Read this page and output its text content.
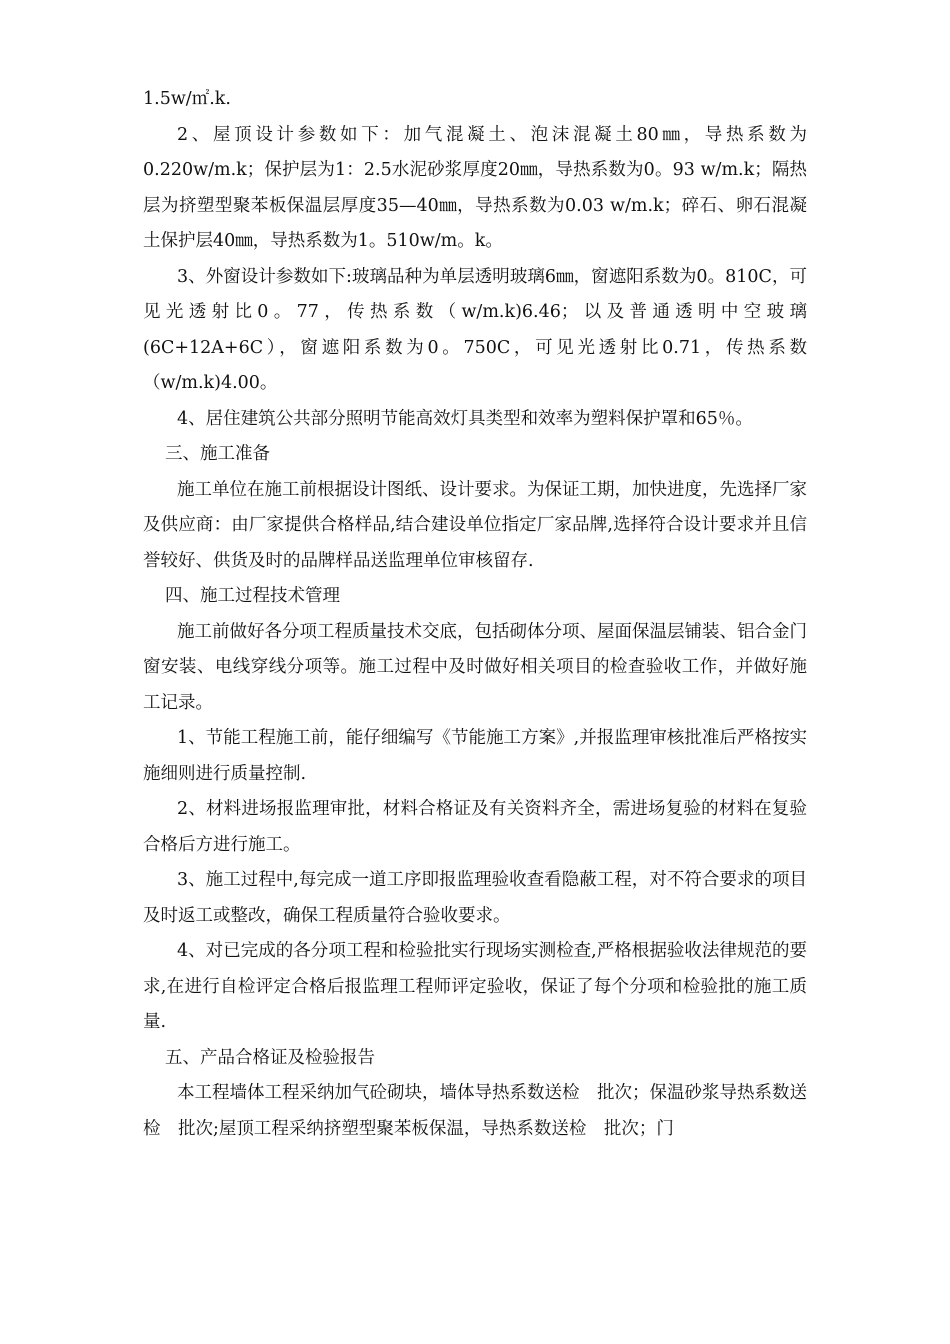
1.5w/㎡.k.

2、屋顶设计参数如下：加气混凝土、泡沫混凝土80㎜，导热系数为0.220w/m.k；保护层为1：2.5水泥砂浆厚度20㎜，导热系数为0。93 w/m.k；隔热层为挤塑型聚苯板保温层厚度35—40㎜，导热系数为0.03 w/m.k；碎石、卵石混凝土保护层40㎜，导热系数为1。510w/m。k。

3、外窗设计参数如下:玻璃品种为单层透明玻璃6㎜，窗遮阳系数为0。810C，可见光透射比0。77，传热系数（w/m.k)6.46；以及普通透明中空玻璃(6C+12A+6C），窗遮阳系数为0。750C，可见光透射比0.71，传热系数（w/m.k)4.00。

4、居住建筑公共部分照明节能高效灯具类型和效率为塑料保护罩和65％。

三、施工准备

施工单位在施工前根据设计图纸、设计要求。为保证工期，加快进度，先选择厂家及供应商：由厂家提供合格样品,结合建设单位指定厂家品牌,选择符合设计要求并且信誉较好、供货及时的品牌样品送监理单位审核留存.

四、施工过程技术管理

施工前做好各分项工程质量技术交底，包括砌体分项、屋面保温层铺装、铝合金门窗安装、电线穿线分项等。施工过程中及时做好相关项目的检查验收工作，并做好施工记录。

1、节能工程施工前，能仔细编写《节能施工方案》,并报监理审核批准后严格按实施细则进行质量控制.

2、材料进场报监理审批，材料合格证及有关资料齐全，需进场复验的材料在复验合格后方进行施工。

3、施工过程中,每完成一道工序即报监理验收查看隐蔽工程，对不符合要求的项目及时返工或整改，确保工程质量符合验收要求。

4、对已完成的各分项工程和检验批实行现场实测检查,严格根据验收法律规范的要求,在进行自检评定合格后报监理工程师评定验收，保证了每个分项和检验批的施工质量.

五、产品合格证及检验报告

本工程墙体工程采纳加气砼砌块，墙体导热系数送检　批次；保温砂浆导热系数送检　批次;屋顶工程采纳挤塑型聚苯板保温，导热系数送检　批次；门
